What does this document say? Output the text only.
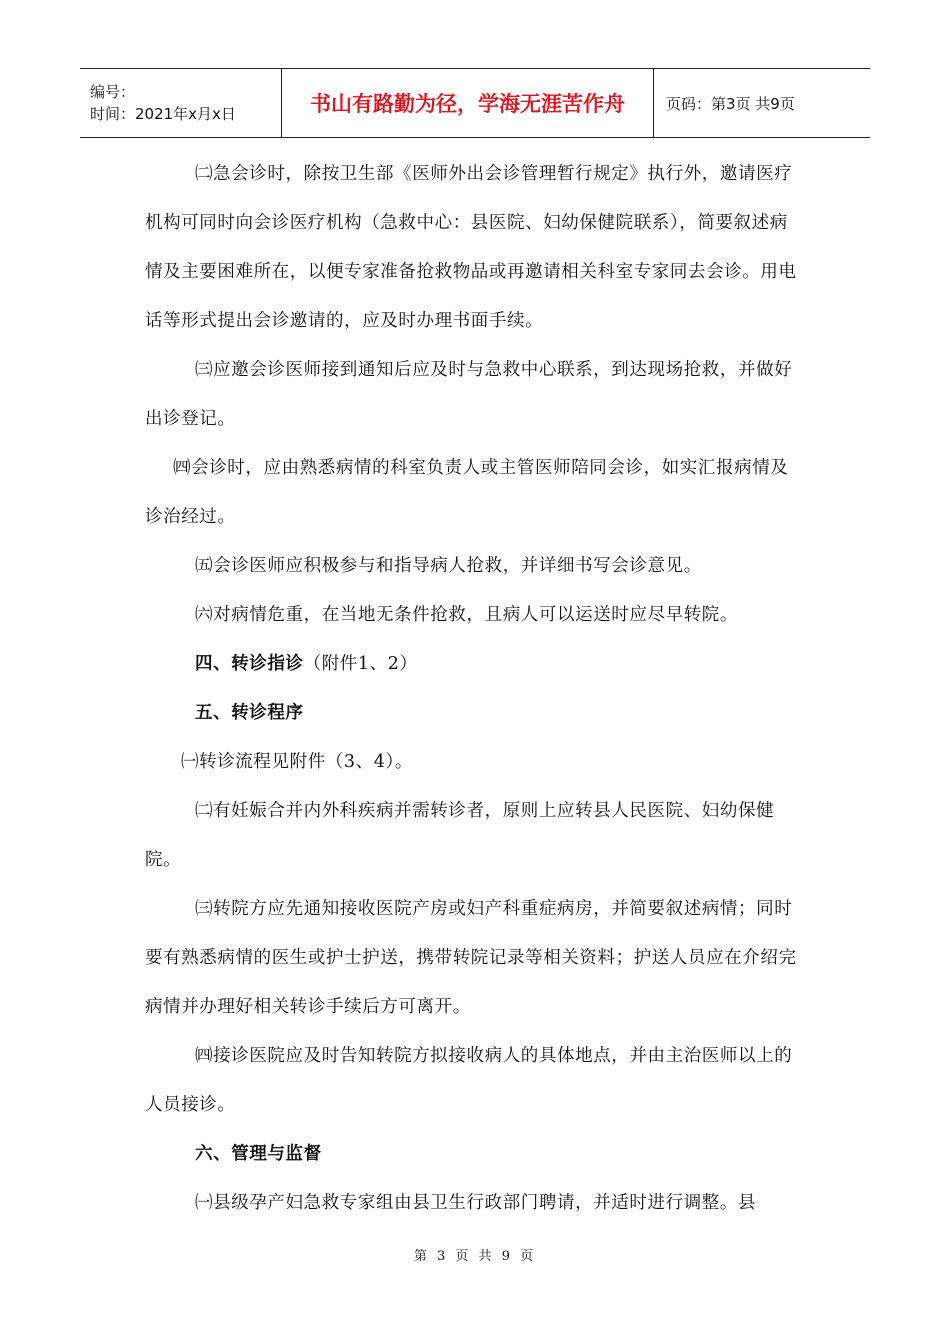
编号：
时间：2021年x月x日	书山有路勤为径，学海无涯苦作舟	页码：第3页 共9页

㈡急会诊时，除按卫生部《医师外出会诊管理暂行规定》执行外，邀请医疗机构可同时向会诊医疗机构（急救中心：县医院、妇幼保健院联系），简要叙述病情及主要困难所在，以便专家准备抢救物品或再邀请相关科室专家同去会诊。用电话等形式提出会诊邀请的，应及时办理书面手续。

㈢应邀会诊医师接到通知后应及时与急救中心联系，到达现场抢救，并做好出诊登记。

㈣会诊时，应由熟悉病情的科室负责人或主管医师陪同会诊，如实汇报病情及诊治经过。

㈤会诊医师应积极参与和指导病人抢救，并详细书写会诊意见。

㈥对病情危重，在当地无条件抢救，且病人可以运送时应尽早转院。

四、转诊指诊（附件1、2）

五、转诊程序

㈠转诊流程见附件（3、4）。

㈡有妊娠合并内外科疾病并需转诊者，原则上应转县人民医院、妇幼保健院。

㈢转院方应先通知接收医院产房或妇产科重症病房，并简要叙述病情；同时要有熟悉病情的医生或护士护送，携带转院记录等相关资料；护送人员应在介绍完病情并办理好相关转诊手续后方可离开。

㈣接诊医院应及时告知转院方拟接收病人的具体地点，并由主治医师以上的人员接诊。

六、管理与监督

㈠县级孕产妇急救专家组由县卫生行政部门聘请，并适时进行调整。县

第 3 页 共 9 页
